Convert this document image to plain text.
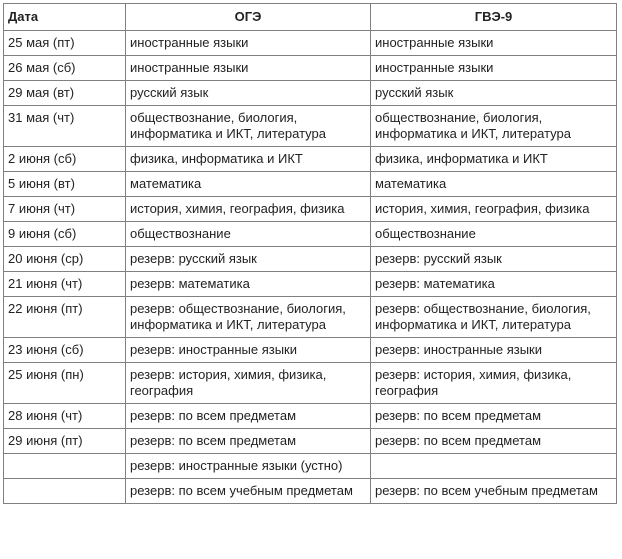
Дата	ОГЭ	ГВЭ-9
25 мая (пт)	иностранные языки	иностранные языки
26 мая (сб)	иностранные языки	иностранные языки
29 мая (вт)	русский язык	русский язык
31 мая (чт)	обществознание, биология, информатика и ИКТ, литература	обществознание, биология, информатика и ИКТ, литература
2 июня (сб)	физика, информатика и ИКТ	физика, информатика и ИКТ
5 июня (вт)	математика	математика
7 июня (чт)	история, химия, география, физика	история, химия, география, физика
9 июня (сб)	обществознание	обществознание
20 июня (ср)	резерв: русский язык	резерв: русский язык
21 июня (чт)	резерв: математика	резерв: математика
22 июня (пт)	резерв: обществознание, биология, информатика и ИКТ, литература	резерв: обществознание, биология, информатика и ИКТ, литература
23 июня (сб)	резерв: иностранные языки	резерв: иностранные языки
25 июня (пн)	резерв: история, химия, физика, география	резерв: история, химия, физика, география
28 июня (чт)	резерв: по всем предметам	резерв: по всем предметам
29 июня (пт)	резерв: по всем предметам	резерв: по всем предметам
	резерв: иностранные языки (устно)	
	резерв: по всем учебным предметам	резерв: по всем учебным предметам
